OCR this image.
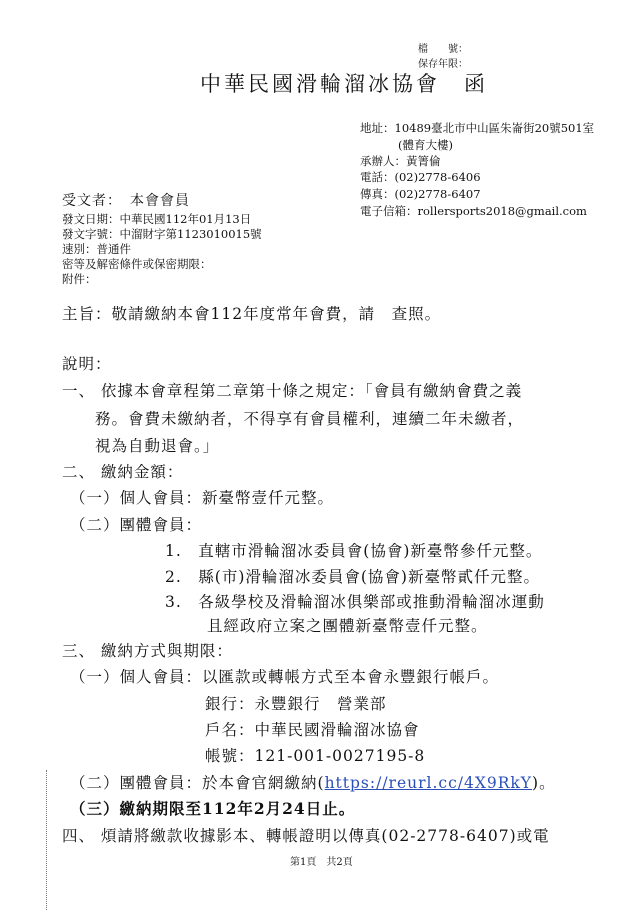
檔　　號：
保存年限：
中華民國滑輪溜冰協會　函
地址：10489臺北市中山區朱崙街20號501室
(體育大樓)
承辦人：黃箐倫
電話：(02)2778-6406
傳真：(02)2778-6407
電子信箱：rollersports2018@gmail.com
受文者：　本會會員
發文日期：中華民國112年01月13日
發文字號：中溜財字第1123010015號
速別：普通件
密等及解密條件或保密期限：
附件：
主旨：敬請繳納本會112年度常年會費，請　查照。
說明：
一、 依據本會章程第二章第十條之規定：「會員有繳納會費之義
務。會費未繳納者，不得享有會員權利，連續二年未繳者，
視為自動退會。」
二、 繳納金額：
（一）個人會員：新臺幣壹仟元整。
（二）團體會員：
1.　直轄市滑輪溜冰委員會(協會)新臺幣參仟元整。
2.　縣(市)滑輪溜冰委員會(協會)新臺幣貳仟元整。
3.　各級學校及滑輪溜冰俱樂部或推動滑輪溜冰運動
且經政府立案之團體新臺幣壹仟元整。
三、 繳納方式與期限：
（一）個人會員：以匯款或轉帳方式至本會永豐銀行帳戶。
銀行：永豐銀行　營業部
戶名：中華民國滑輪溜冰協會
帳號：121-001-0027195-8
（二）團體會員：於本會官網繳納(https://reurl.cc/4X9RkY)。
（三）繳納期限至112年2月24日止。
四、 煩請將繳款收據影本、轉帳證明以傳真(02-2778-6407)或電
第1頁　共2頁
